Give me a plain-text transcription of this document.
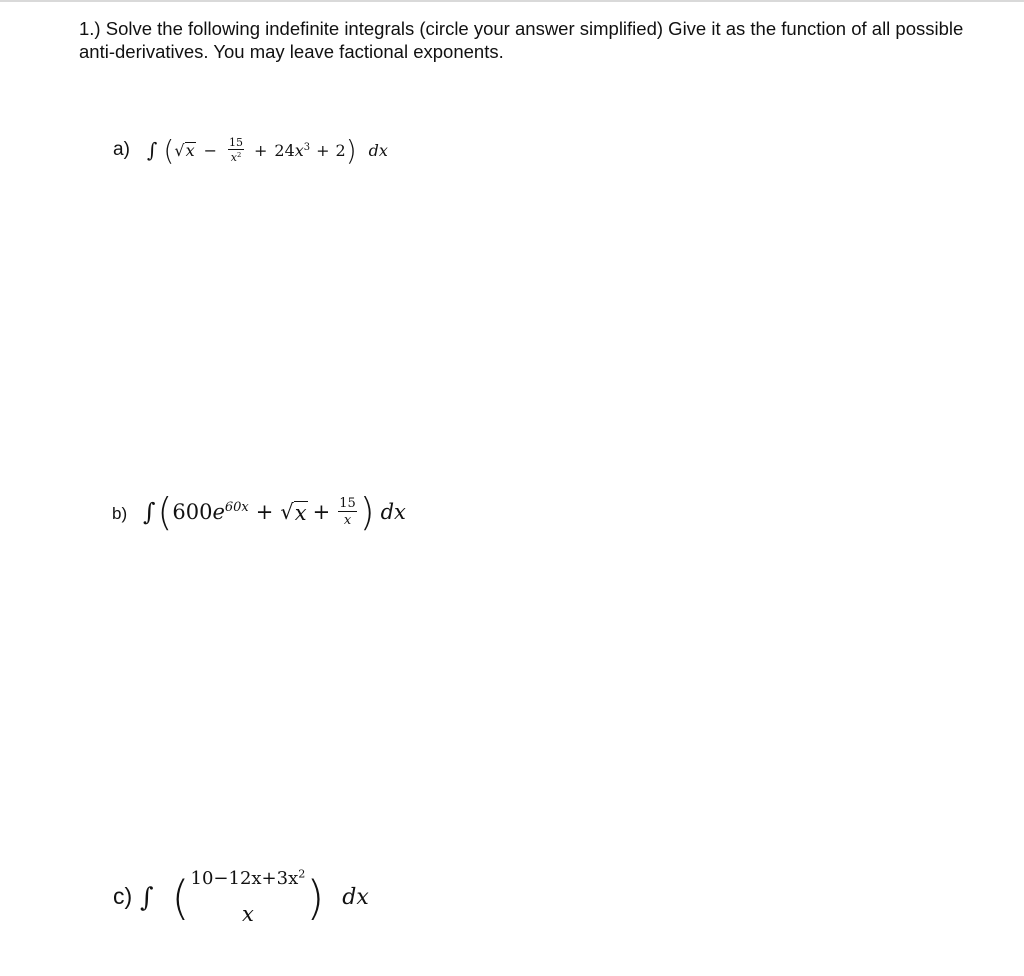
1.) Solve the following indefinite integrals (circle your answer simplified) Give it as the function of all possible anti-derivatives. You may leave factional exponents.

a) ∫ ( √ $x - \frac{15}{x^2} + 24x^3 + 2$ ) dx
b) ∫ ( $600e^{60x}$ + √ $x + \frac{15}{x}$ ) dx
c) ∫ ( $10-12x+3x^2$
x ) dx
